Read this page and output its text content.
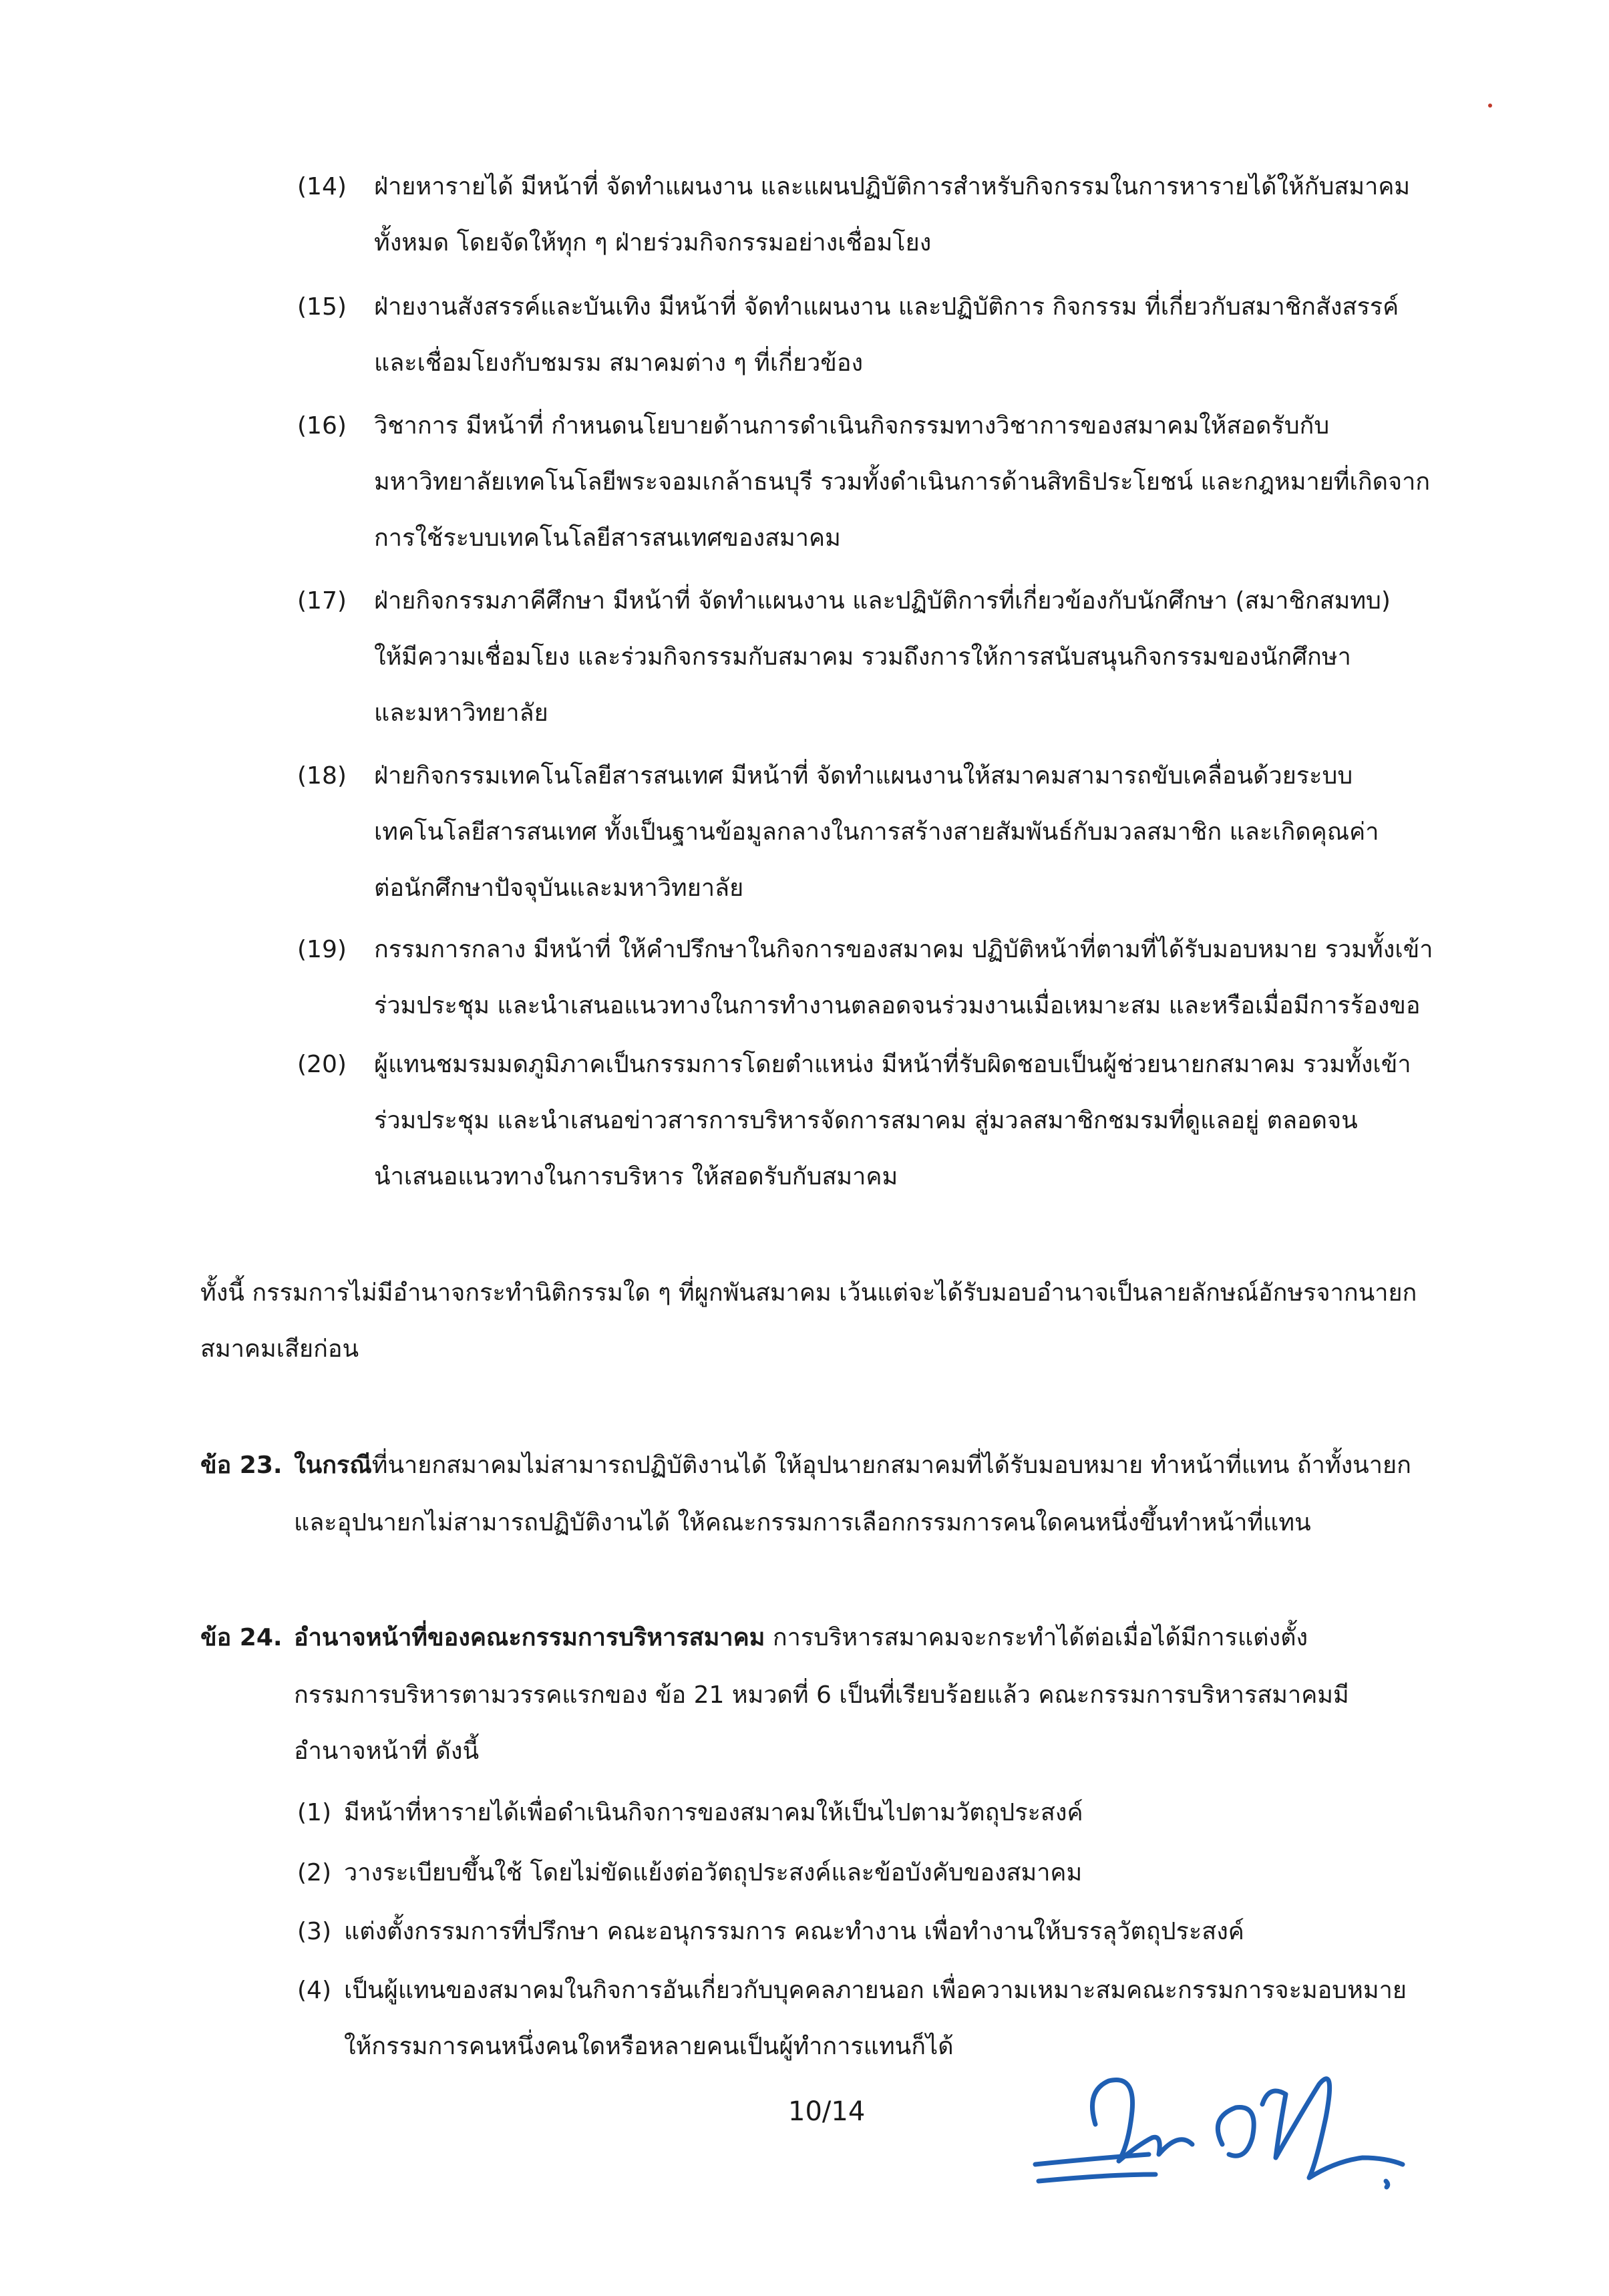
(14) ฝ่ายหารายได้ มีหน้าที่ จัดทำแผนงาน และแผนปฏิบัติการสำหรับกิจกรรมในการหารายได้ให้กับสมาคม
ทั้งหมด โดยจัดให้ทุก ๆ ฝ่ายร่วมกิจกรรมอย่างเชื่อมโยง
(15) ฝ่ายงานสังสรรค์และบันเทิง มีหน้าที่ จัดทำแผนงาน และปฏิบัติการ กิจกรรม ที่เกี่ยวกับสมาชิกสังสรรค์
และเชื่อมโยงกับชมรม สมาคมต่าง ๆ ที่เกี่ยวข้อง
(16) วิชาการ มีหน้าที่ กำหนดนโยบายด้านการดำเนินกิจกรรมทางวิชาการของสมาคมให้สอดรับกับ
มหาวิทยาลัยเทคโนโลยีพระจอมเกล้าธนบุรี รวมทั้งดำเนินการด้านสิทธิประโยชน์ และกฎหมายที่เกิดจาก
การใช้ระบบเทคโนโลยีสารสนเทศของสมาคม
(17) ฝ่ายกิจกรรมภาคีศึกษา มีหน้าที่ จัดทำแผนงาน และปฏิบัติการที่เกี่ยวข้องกับนักศึกษา (สมาชิกสมทบ)
ให้มีความเชื่อมโยง และร่วมกิจกรรมกับสมาคม รวมถึงการให้การสนับสนุนกิจกรรมของนักศึกษา
และมหาวิทยาลัย
(18) ฝ่ายกิจกรรมเทคโนโลยีสารสนเทศ มีหน้าที่ จัดทำแผนงานให้สมาคมสามารถขับเคลื่อนด้วยระบบ
เทคโนโลยีสารสนเทศ ทั้งเป็นฐานข้อมูลกลางในการสร้างสายสัมพันธ์กับมวลสมาชิก และเกิดคุณค่า
ต่อนักศึกษาปัจจุบันและมหาวิทยาลัย
(19) กรรมการกลาง มีหน้าที่ ให้คำปรึกษาในกิจการของสมาคม ปฏิบัติหน้าที่ตามที่ได้รับมอบหมาย รวมทั้งเข้า
ร่วมประชุม และนำเสนอแนวทางในการทำงานตลอดจนร่วมงานเมื่อเหมาะสม และหรือเมื่อมีการร้องขอ
(20) ผู้แทนชมรมมดภูมิภาคเป็นกรรมการโดยตำแหน่ง มีหน้าที่รับผิดชอบเป็นผู้ช่วยนายกสมาคม รวมทั้งเข้า
ร่วมประชุม และนำเสนอข่าวสารการบริหารจัดการสมาคม สู่มวลสมาชิกชมรมที่ดูแลอยู่ ตลอดจน
นำเสนอแนวทางในการบริหาร ให้สอดรับกับสมาคม
ทั้งนี้ กรรมการไม่มีอำนาจกระทำนิติกรรมใด ๆ ที่ผูกพันสมาคม เว้นแต่จะได้รับมอบอำนาจเป็นลายลักษณ์อักษรจากนายก
สมาคมเสียก่อน
ข้อ 23. ในกรณีที่นายกสมาคมไม่สามารถปฏิบัติงานได้ ให้อุปนายกสมาคมที่ได้รับมอบหมาย ทำหน้าที่แทน ถ้าทั้งนายก
และอุปนายกไม่สามารถปฏิบัติงานได้ ให้คณะกรรมการเลือกกรรมการคนใดคนหนึ่งขึ้นทำหน้าที่แทน
ข้อ 24. อำนาจหน้าที่ของคณะกรรมการบริหารสมาคม การบริหารสมาคมจะกระทำได้ต่อเมื่อได้มีการแต่งตั้ง
กรรมการบริหารตามวรรคแรกของ ข้อ 21 หมวดที่ 6 เป็นที่เรียบร้อยแล้ว คณะกรรมการบริหารสมาคมมี
อำนาจหน้าที่ ดังนี้
(1) มีหน้าที่หารายได้เพื่อดำเนินกิจการของสมาคมให้เป็นไปตามวัตถุประสงค์
(2) วางระเบียบขึ้นใช้ โดยไม่ขัดแย้งต่อวัตถุประสงค์และข้อบังคับของสมาคม
(3) แต่งตั้งกรรมการที่ปรึกษา คณะอนุกรรมการ คณะทำงาน เพื่อทำงานให้บรรลุวัตถุประสงค์
(4) เป็นผู้แทนของสมาคมในกิจการอันเกี่ยวกับบุคคลภายนอก เพื่อความเหมาะสมคณะกรรมการจะมอบหมาย
ให้กรรมการคนหนึ่งคนใดหรือหลายคนเป็นผู้ทำการแทนก็ได้
10/14
